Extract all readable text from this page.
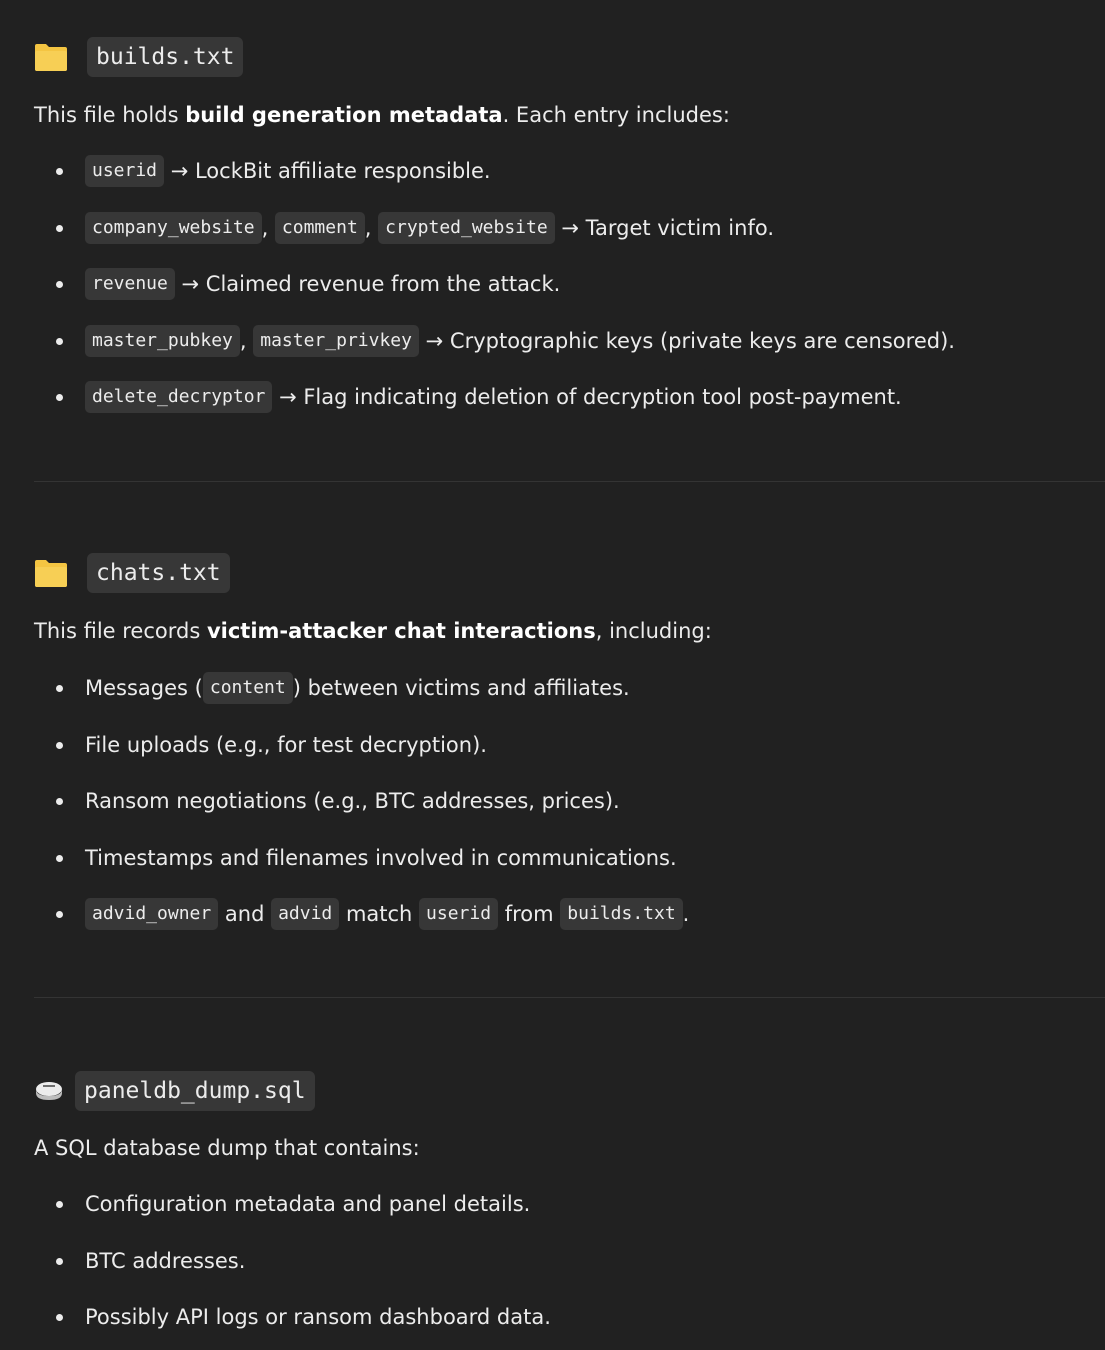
builds.txt

This file holds build generation metadata. Each entry includes:

userid → LockBit affiliate responsible.
company_website , comment , crypted_website → Target victim info.
revenue → Claimed revenue from the attack.
master_pubkey , master_privkey → Cryptographic keys (private keys are censored).
delete_decryptor → Flag indicating deletion of decryption tool post-payment.
chats.txt

This file records victim-attacker chat interactions, including:

Messages ( content ) between victims and affiliates.
File uploads (e.g., for test decryption).
Ransom negotiations (e.g., BTC addresses, prices).
Timestamps and filenames involved in communications.
advid_owner and advid match userid from builds.txt .
paneldb_dump.sql

A SQL database dump that contains:

Configuration metadata and panel details.
BTC addresses.
Possibly API logs or ransom dashboard data.
